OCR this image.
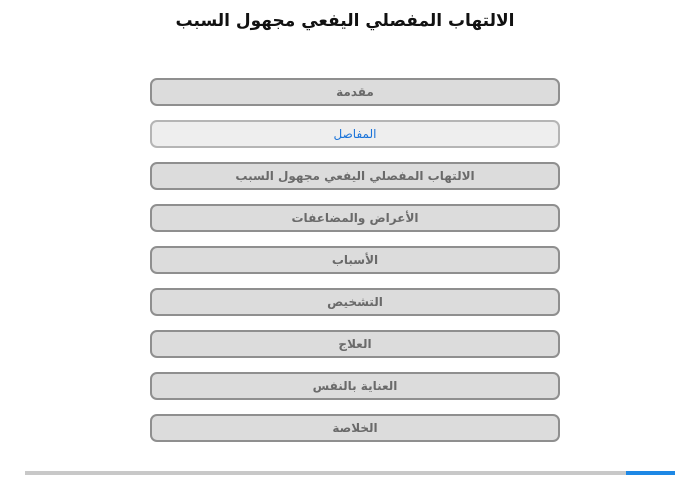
الالتهاب المفصلي اليفعي مجهول السبب
مقدمة
المفاصل
الالتهاب المفصلي اليفعي مجهول السبب
الأعراض والمضاعفات
الأسباب
التشخيص
العلاج
العناية بالنفس
الخلاصة
